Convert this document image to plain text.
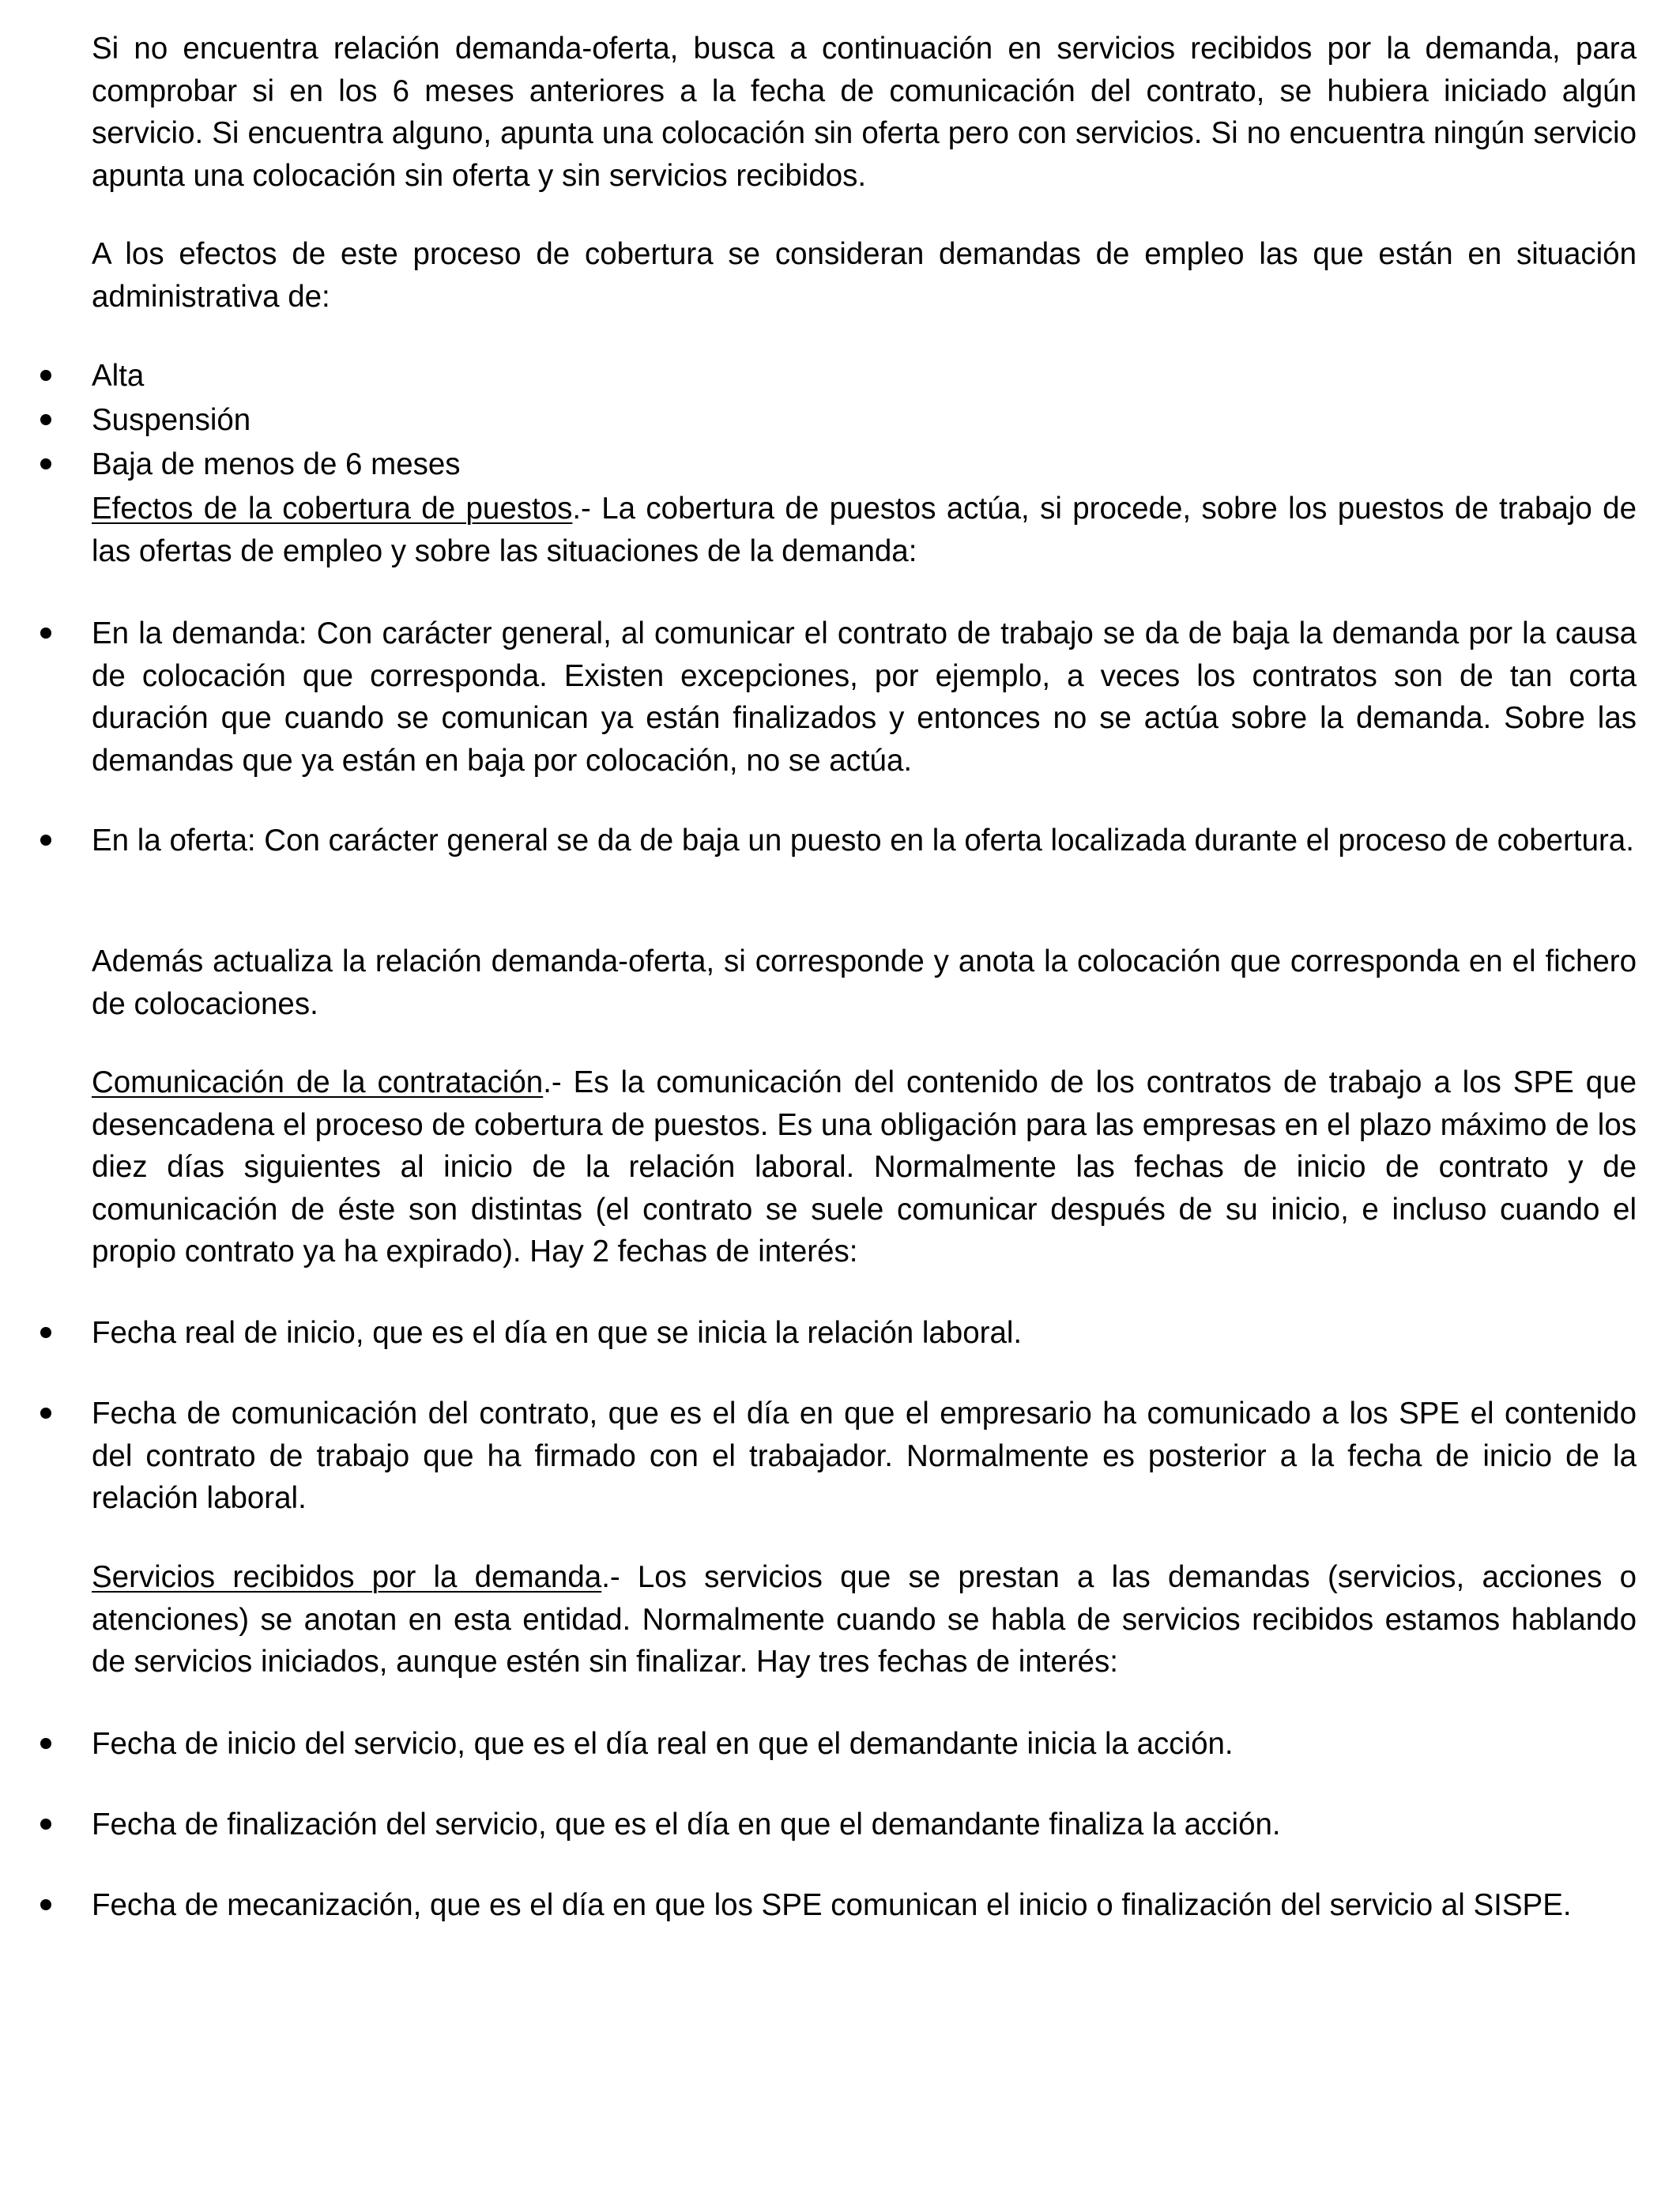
Si no encuentra relación demanda-oferta, busca a continuación en servicios recibidos por la demanda, para comprobar si en los 6 meses anteriores a la fecha de comunicación del contrato, se hubiera iniciado algún servicio. Si encuentra alguno, apunta una colocación sin oferta pero con servicios. Si no encuentra ningún servicio apunta una colocación sin oferta y sin servicios recibidos.

A los efectos de este proceso de cobertura se consideran demandas de empleo las que están en situación administrativa de:

Alta

Suspensión

Baja de menos de 6 meses

Efectos de la cobertura de puestos.- La cobertura de puestos actúa, si procede, sobre los puestos de trabajo de las ofertas de empleo y sobre las situaciones de la demanda:

En la demanda: Con carácter general, al comunicar el contrato de trabajo se da de baja la demanda por la causa de colocación que corresponda. Existen excepciones, por ejemplo, a veces los contratos son de tan corta duración que cuando se comunican ya están finalizados y entonces no se actúa sobre la demanda. Sobre las demandas que ya están en baja por colocación, no se actúa.

En la oferta: Con carácter general se da de baja un puesto en la oferta localizada durante el proceso de cobertura.

Además actualiza la relación demanda-oferta, si corresponde y anota la colocación que corresponda en el fichero de colocaciones.

Comunicación de la contratación.- Es la comunicación del contenido de los contratos de trabajo a los SPE que desencadena el proceso de cobertura de puestos. Es una obligación para las empresas en el plazo máximo de los diez días siguientes al inicio de la relación laboral. Normalmente las fechas de inicio de contrato y de comunicación de éste son distintas (el contrato se suele comunicar después de su inicio, e incluso cuando el propio contrato ya ha expirado). Hay 2 fechas de interés:

Fecha real de inicio, que es el día en que se inicia la relación laboral.

Fecha de comunicación del contrato, que es el día en que el empresario ha comunicado a los SPE el contenido del contrato de trabajo que ha firmado con el trabajador. Normalmente es posterior a la fecha de inicio de la relación laboral.

Servicios recibidos por la demanda.- Los servicios que se prestan a las demandas (servicios, acciones o atenciones) se anotan en esta entidad. Normalmente cuando se habla de servicios recibidos estamos hablando de servicios iniciados, aunque estén sin finalizar. Hay tres fechas de interés:

Fecha de inicio del servicio, que es el día real en que el demandante inicia la acción.

Fecha de finalización del servicio, que es el día en que el demandante finaliza la acción.

Fecha de mecanización, que es el día en que los SPE comunican el inicio o finalización del servicio al SISPE.
